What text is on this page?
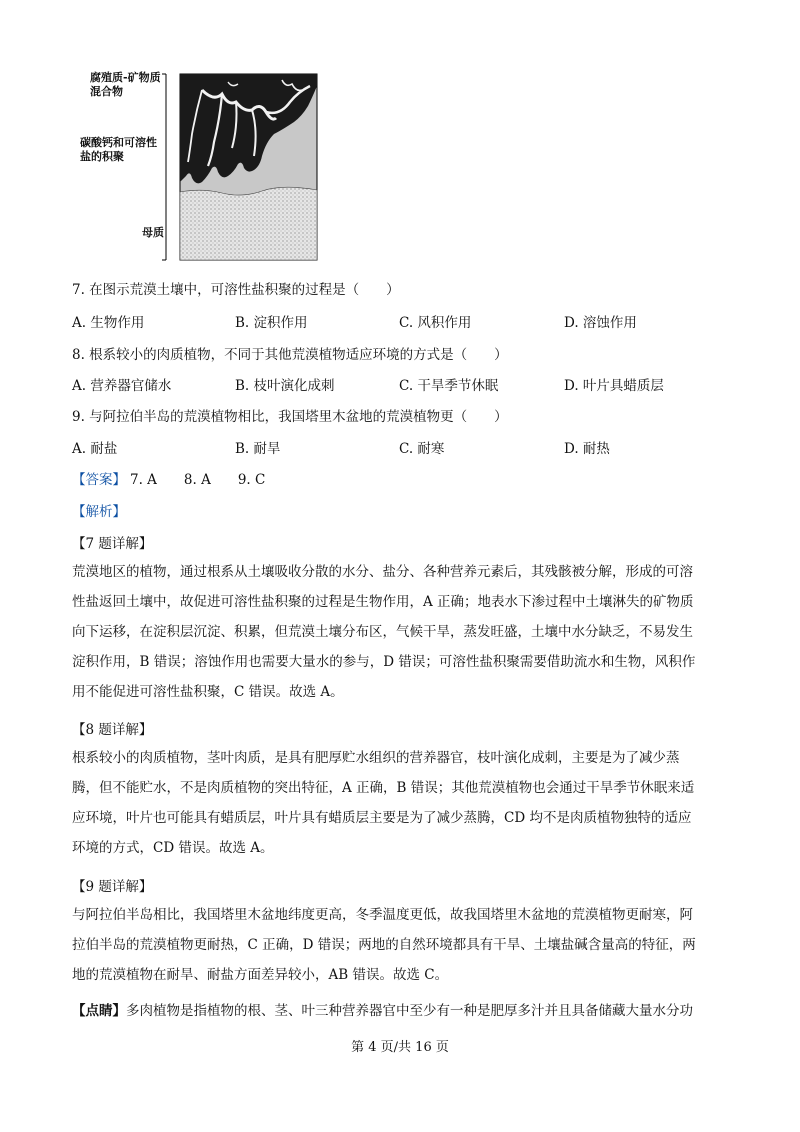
腐殖质-矿物质
混合物
碳酸钙和可溶性
盐的积聚
母质
7. 在图示荒漠土壤中，可溶性盐积聚的过程是（　　）
A. 生物作用	B. 淀积作用	C. 风积作用	D. 溶蚀作用
8. 根系较小的肉质植物，不同于其他荒漠植物适应环境的方式是（　　）
A. 营养器官储水	B. 枝叶演化成刺	C. 干旱季节休眠	D. 叶片具蜡质层
9. 与阿拉伯半岛的荒漠植物相比，我国塔里木盆地的荒漠植物更（　　）
A. 耐盐	B. 耐旱	C. 耐寒	D. 耐热
【答案】 7. A　　8. A　　9. C
【解析】
【7 题详解】
荒漠地区的植物，通过根系从土壤吸收分散的水分、盐分、各种营养元素后，其残骸被分解，形成的可溶
性盐返回土壤中，故促进可溶性盐积聚的过程是生物作用，A 正确；地表水下渗过程中土壤淋失的矿物质
向下运移，在淀积层沉淀、积累，但荒漠土壤分布区，气候干旱，蒸发旺盛，土壤中水分缺乏，不易发生
淀积作用，B 错误；溶蚀作用也需要大量水的参与，D 错误；可溶性盐积聚需要借助流水和生物，风积作
用不能促进可溶性盐积聚，C 错误。故选 A。
【8 题详解】
根系较小的肉质植物，茎叶肉质，是具有肥厚贮水组织的营养器官，枝叶演化成刺，主要是为了减少蒸
腾，但不能贮水，不是肉质植物的突出特征，A 正确，B 错误；其他荒漠植物也会通过干旱季节休眠来适
应环境，叶片也可能具有蜡质层，叶片具有蜡质层主要是为了减少蒸腾，CD 均不是肉质植物独特的适应
环境的方式，CD 错误。故选 A。
【9 题详解】
与阿拉伯半岛相比，我国塔里木盆地纬度更高，冬季温度更低，故我国塔里木盆地的荒漠植物更耐寒，阿
拉伯半岛的荒漠植物更耐热，C 正确，D 错误；两地的自然环境都具有干旱、土壤盐碱含量高的特征，两
地的荒漠植物在耐旱、耐盐方面差异较小，AB 错误。故选 C。
【点睛】多肉植物是指植物的根、茎、叶三种营养器官中至少有一种是肥厚多汁并且具备储藏大量水分功
第 4 页/共 16 页
